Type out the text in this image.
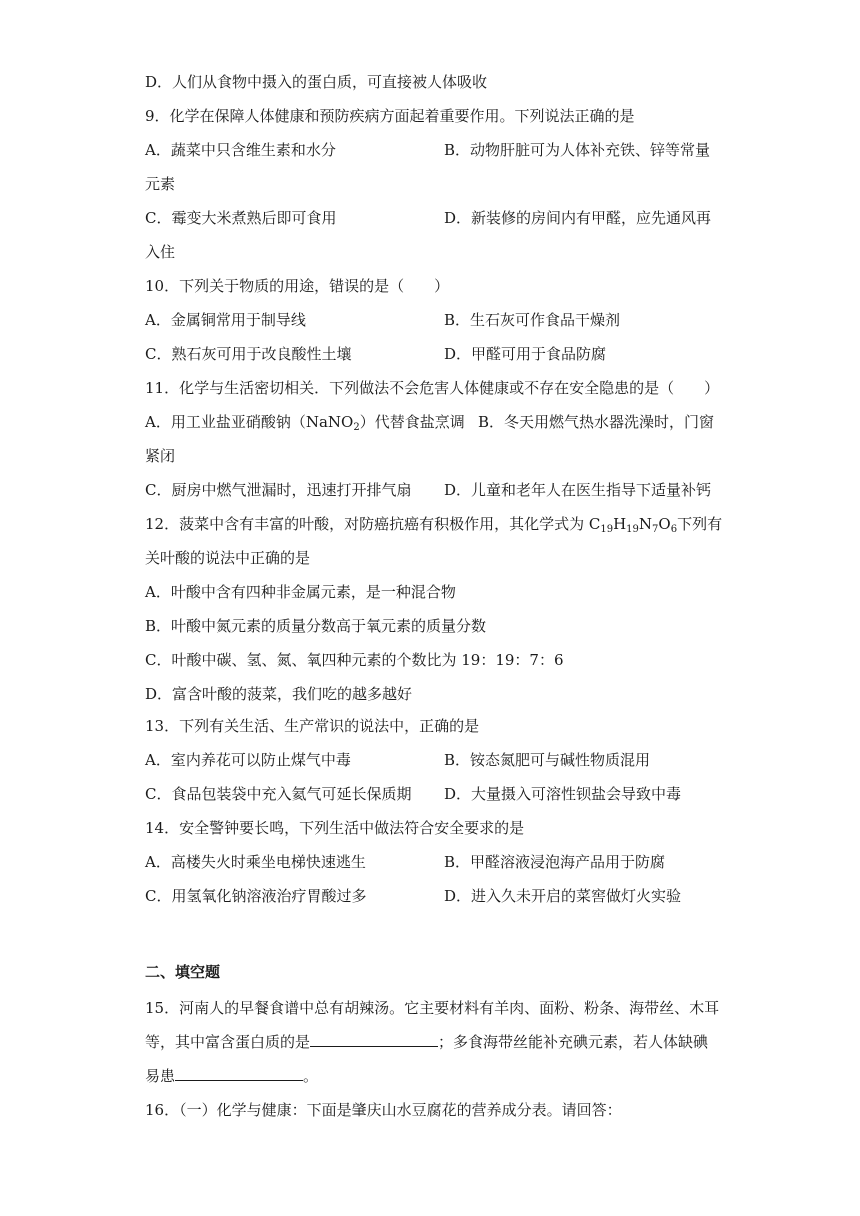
D．人们从食物中摄入的蛋白质，可直接被人体吸收
9．化学在保障人体健康和预防疾病方面起着重要作用。下列说法正确的是
A．蔬菜中只含维生素和水分	B．动物肝脏可为人体补充铁、锌等常量
元素
C．霉变大米煮熟后即可食用	D．新装修的房间内有甲醛，应先通风再
入住
10．下列关于物质的用途，错误的是（　　）
A．金属铜常用于制导线	B．生石灰可作食品干燥剂
C．熟石灰可用于改良酸性土壤	D．甲醛可用于食品防腐
11．化学与生活密切相关．下列做法不会危害人体健康或不存在安全隐患的是（　　）
A．用工业盐亚硝酸钠（NaNO$_2$）代替食盐烹调 B．冬天用燃气热水器洗澡时，门窗
紧闭
C．厨房中燃气泄漏时，迅速打开排气扇 D．儿童和老年人在医生指导下适量补钙
12．菠菜中含有丰富的叶酸，对防癌抗癌有积极作用，其化学式为 $C_{19}H_{19}N_7O_6$下列有
关叶酸的说法中正确的是
A．叶酸中含有四种非金属元素，是一种混合物
B．叶酸中氮元素的质量分数高于氧元素的质量分数
C．叶酸中碳、氢、氮、氧四种元素的个数比为 19：19：7：6
D．富含叶酸的菠菜，我们吃的越多越好
13．下列有关生活、生产常识的说法中，正确的是
A．室内养花可以防止煤气中毒	B．铵态氮肥可与碱性物质混用
C．食品包装袋中充入氦气可延长保质期 D．大量摄入可溶性钡盐会导致中毒
14．安全警钟要长鸣，下列生活中做法符合安全要求的是
A．高楼失火时乘坐电梯快速逃生	B．甲醛溶液浸泡海产品用于防腐
C．用氢氧化钠溶液治疗胃酸过多	D．进入久未开启的菜窖做灯火实验
二、填空题
15．河南人的早餐食谱中总有胡辣汤。它主要材料有羊肉、面粉、粉条、海带丝、木耳
等，其中富含蛋白质的是	；多食海带丝能补充碘元素，若人体缺碘
易患	。
16．（一）化学与健康：下面是肇庆山水豆腐花的营养成分表。请回答：
